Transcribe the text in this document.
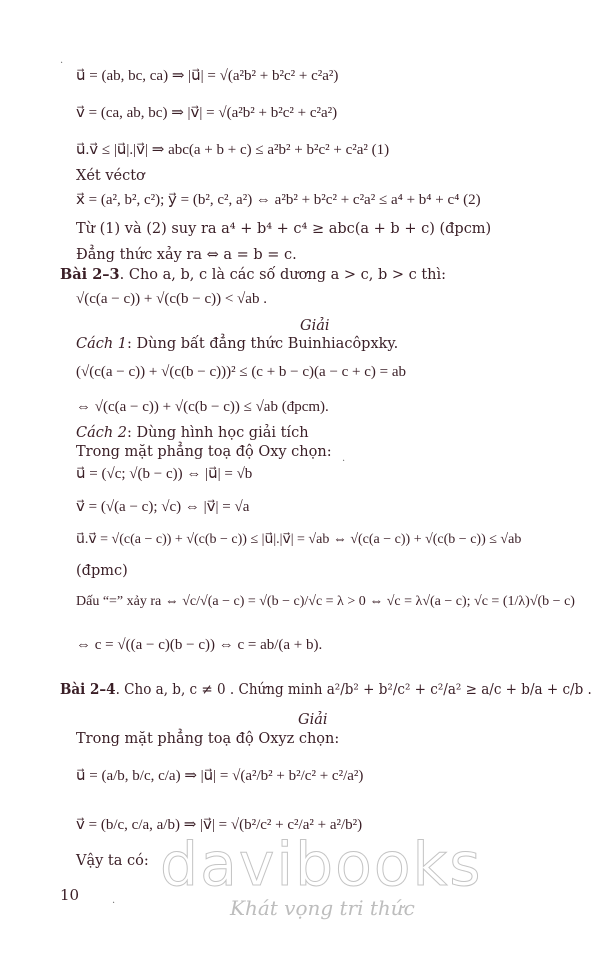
·
u⃗ = (ab, bc, ca) ⇒ |u⃗| = √(a²b² + b²c² + c²a²)
v⃗ = (ca, ab, bc) ⇒ |v⃗| = √(a²b² + b²c² + c²a²)
u⃗.v⃗ ≤ |u⃗|.|v⃗| ⇒ abc(a + b + c) ≤ a²b² + b²c² + c²a² (1)
Xét véctơ
x⃗ = (a², b², c²); y⃗ = (b², c², a²) ⇔ a²b² + b²c² + c²a² ≤ a⁴ + b⁴ + c⁴ (2)
Từ (1) và (2) suy ra a⁴ + b⁴ + c⁴ ≥ abc(a + b + c) (đpcm)
Đẳng thức xảy ra ⇔ a = b = c.
Bài 2–3. Cho a, b, c là các số dương a > c, b > c thì:
√(c(a − c)) + √(c(b − c)) < √ab .
Giải
Cách 1: Dùng bất đẳng thức Buinhiacôpxky.
(√(c(a − c)) + √(c(b − c)))² ≤ (c + b − c)(a − c + c) = ab
⇔ √(c(a − c)) + √(c(b − c)) ≤ √ab (đpcm).
Cách 2: Dùng hình học giải tích
Trong mặt phẳng toạ độ Oxy chọn:
·
u⃗ = (√c; √(b − c)) ⇔ |u⃗| = √b
v⃗ = (√(a − c); √c) ⇔ |v⃗| = √a
u⃗.v⃗ = √(c(a − c)) + √(c(b − c)) ≤ |u⃗|.|v⃗| = √ab ⇔ √(c(a − c)) + √(c(b − c)) ≤ √ab
(đpmc)
Dấu “=” xảy ra ⇔ √c/√(a − c) = √(b − c)/√c = λ > 0 ⇔ √c = λ√(a − c); √c = (1/λ)√(b − c)
⇔ c = √((a − c)(b − c)) ⇔ c = ab/(a + b).
Bài 2–4. Cho a, b, c ≠ 0 . Chứng minh a²/b² + b²/c² + c²/a² ≥ a/c + b/a + c/b .
Giải
Trong mặt phẳng toạ độ Oxyz chọn:
u⃗ = (a/b, b/c, c/a) ⇒ |u⃗| = √(a²/b² + b²/c² + c²/a²)
v⃗ = (b/c, c/a, a/b) ⇒ |v⃗| = √(b²/c² + c²/a² + a²/b²)
Vậy ta có: davibooks
Khát vọng tri thức
10	·
